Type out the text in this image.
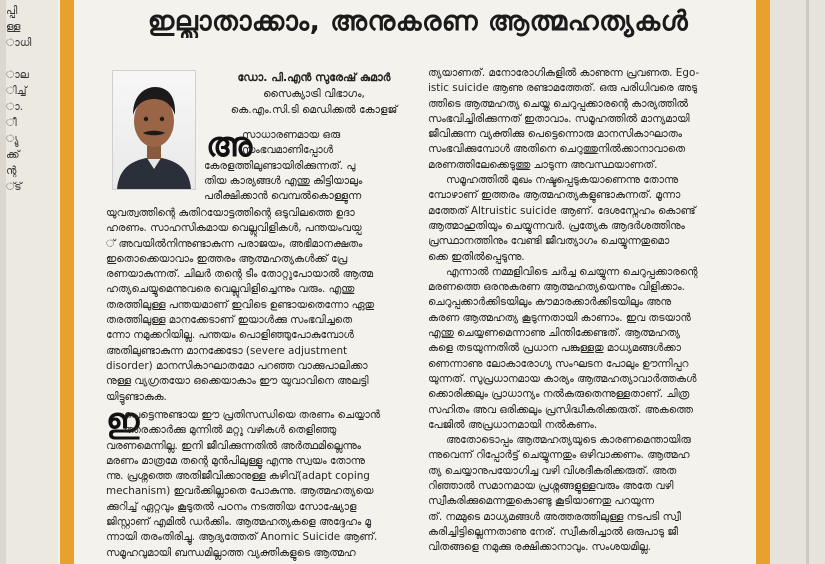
പ്പി
ള്ള
ാധി
ാല
ിച്ച്
ാ.
ീ
്യു
ക്ക്
ന്റ
്ട്
ഇല്ലാതാക്കാം, അനുകരണ ആത്മഹത്യകൾ
ഡോ. പി.എൻ സുരേഷ് കുമാർ
സൈക്യാട്രി വിഭാഗം,
കെ.എം.സി.ടി മെഡിക്കൽ കോളജ്
അ

സാധാരണമായ ഒരു

സംഭവമാണിപ്പോൾ

കേരളത്തിലുണ്ടായിരിക്കുന്നത്. പു

തിയ കാര്യങ്ങൾ എന്തു കിട്ടിയാലും

പരീക്ഷിക്കാൻ വെമ്പൽകൊള്ളുന്ന

യുവത്വത്തിന്റെ കുതിറയോട്ടത്തിന്റെ ഒടുവിലത്തെ ഉദാ

ഹരണം. സാഹസികമായ വെല്ലുവിളികൾ, പന്തയംവയ്പ

് അവയിൽനിന്നുണ്ടാകുന്ന പരാജയം, അഭിമാനക്ഷതം

ഇതൊക്കെയാവാം ഇത്തരം ആത്മഹത്യകൾക്ക് പ്രേ

രണയാകുന്നത്. ചിലർ തന്റെ ടീം തോറ്റുപോയാൽ ആത്മ

ഹത്യചെയ്യുമെന്നുവരെ വെല്ലുവിളിച്ചെന്നും വരും. എന്തു

തരത്തിലുള്ള പന്തയമാണ് ഇവിടെ ഉണ്ടായതെന്നോ ഏതു

തരത്തിലുള്ള മാനക്കേടാണ് ഇയാൾക്കു സംഭവിച്ചതെ

ന്നോ നമുക്കറിയില്ല. പന്തയം പൊളിഞ്ഞുപോകുമ്പോൾ

അതിലുണ്ടാകുന്ന മാനക്കേടോ (severe adjustment

disorder) മാനസികാഘാതമോ പറഞ്ഞ വാക്കുപാലിക്കാ

നുള്ള വ്യഗ്രതയോ ഒക്കെയാകാം ഈ യുവാവിനെ അലട്ടി

യിട്ടുണ്ടാകുക.

ഇ

പെട്ടെന്നുണ്ടായ ഈ പ്രതിസന്ധിയെ തരണം ചെയ്യാൻ

ത്തരക്കാർക്കു മുന്നിൽ മറ്റു വഴികൾ തെളിഞ്ഞു

വരണമെന്നില്ല. ഇനി ജീവിക്കുന്നതിൽ അർത്ഥമില്ലെന്നും

മരണം മാത്രമേ തന്റെ മുൻപിലുള്ളൂ എന്നു സ്വയം തോന്നു

ന്നു. പ്രശ്നത്തെ അതിജീവിക്കാനുള്ള കഴിവ്(adapt coping

mechanism) ഇവർക്കില്ലാതെ പോകുന്നു. ആത്മഹത്യയെ

ക്കുറിച്ച് ഏറ്റവും കൂടുതൽ പഠനം നടത്തിയ സോഷ്യോള

ജിസ്റ്റാണ് എമിൽ ഡർക്കിം. ആത്മഹത്യകളെ അദ്ദേഹം മൂ

ന്നായി തരംതിരിച്ചു. ആദ്യത്തേത് Anomic Suicide ആണ്.

സമൂഹവുമായി ബന്ധമില്ലാത്ത വ്യക്തികളുടെ ആത്മഹ

ത്യയാണത്. മനോരോഗികളിൽ കാണുന്ന പ്രവണത. Ego-

istic suicide ആണു രണ്ടാമത്തേത്. ഒരു പരിധിവരെ അടു

ത്തിടെ ആത്മഹത്യ ചെയ്ത ചെറുപ്പക്കാരന്റെ കാര്യത്തിൽ

സംഭവിച്ചിരിക്കുന്നത് ഇതാവാം. സമൂഹത്തിൽ മാന്യമായി

ജീവിക്കുന്ന വ്യക്തിക്കു പെട്ടെന്നൊരു മാനസികാഘാതം

സംഭവിക്കുമ്പോൾ അതിനെ ചെറുത്തുനിൽക്കാനാവാതെ

മരണത്തിലേക്കെടുത്തു ചാടുന്ന അവസ്ഥയാണത്.

സമൂഹത്തിൽ മുഖം നഷ്ടപ്പെടുകയാണെന്നു തോന്നു

മ്പോഴാണ് ഇത്തരം ആത്മഹത്യകളുണ്ടാകുന്നത്. മൂന്നാ

മത്തേത് Altruistic suicide ആണ്. ദേശസ്നേഹം കൊണ്ട്

ആത്മാഹുതിയും ചെയ്യുന്നവർ. പ്രത്യേക ആദർശത്തിനും

പ്രസ്ഥാനത്തിനും വേണ്ടി ജീവത്യാഗം ചെയ്യുന്നതുമൊ

ക്കെ ഇതിൽപ്പെടുന്നു.

എന്നാൽ നമ്മളിവിടെ ചർച്ച ചെയ്യുന്ന ചെറുപ്പക്കാരന്റെ

മരണത്തെ ഒരനുകരണ ആത്മഹത്യയെന്നും വിളിക്കാം.

ചെറുപ്പക്കാർക്കിടയിലും കൗമാരക്കാർക്കിടയിലും അനു

കരണ ആത്മഹത്യ കൂടുന്നതായി കാണാം. ഇവ തടയാൻ

എന്തു ചെയ്യണമെന്നാണു ചിന്തിക്കേണ്ടത്. ആത്മഹത്യ

കളെ തടയുന്നതിൽ പ്രധാന പങ്കുള്ളതു മാധ്യമങ്ങൾക്കാ

ണെന്നാണു ലോകാരോഗ്യ സംഘടന പോലും ഊന്നിപ്പറ

യുന്നത്. സുപ്രധാനമായ കാര്യം ആത്മഹത്യാവാർത്തകൾ

ക്കൊരിക്കലും പ്രാധാന്യം നൽകരുതെന്നുള്ളതാണ്. ചിത്ര

സഹിതം അവ ഒരിക്കലും പ്രസിദ്ധീകരിക്കരുത്. അകത്തെ

പേജിൽ അപ്രധാനമായി നൽകണം.

അതോടൊപ്പം ആത്മഹത്യയുടെ കാരണമെന്തായിരു

ന്നുവെന്ന് റിപ്പോർട്ട് ചെയ്യുന്നതും ഒഴിവാക്കണം. ആത്മഹ

ത്യ ചെയ്യാനുപയോഗിച്ച വഴി വിശദീകരിക്കരുത്. അത

റിഞ്ഞാൽ സമാനമായ പ്രശ്നങ്ങളുള്ളവരും അതേ വഴി

സ്വീകരിക്കുമെന്നതുകൊണ്ടു കൂടിയാണതു പറയുന്ന

ത്. നമ്മുടെ മാധ്യമങ്ങൾ അത്തരത്തിലുള്ള നടപടി സ്വീ

കരിച്ചിട്ടില്ലെന്നതാണു നേര്. സ്വീകരിച്ചാൽ ഒരുപാടു ജീ

വിതങ്ങളെ നമുക്കു രക്ഷിക്കാനാവും. സംശയമില്ല.
